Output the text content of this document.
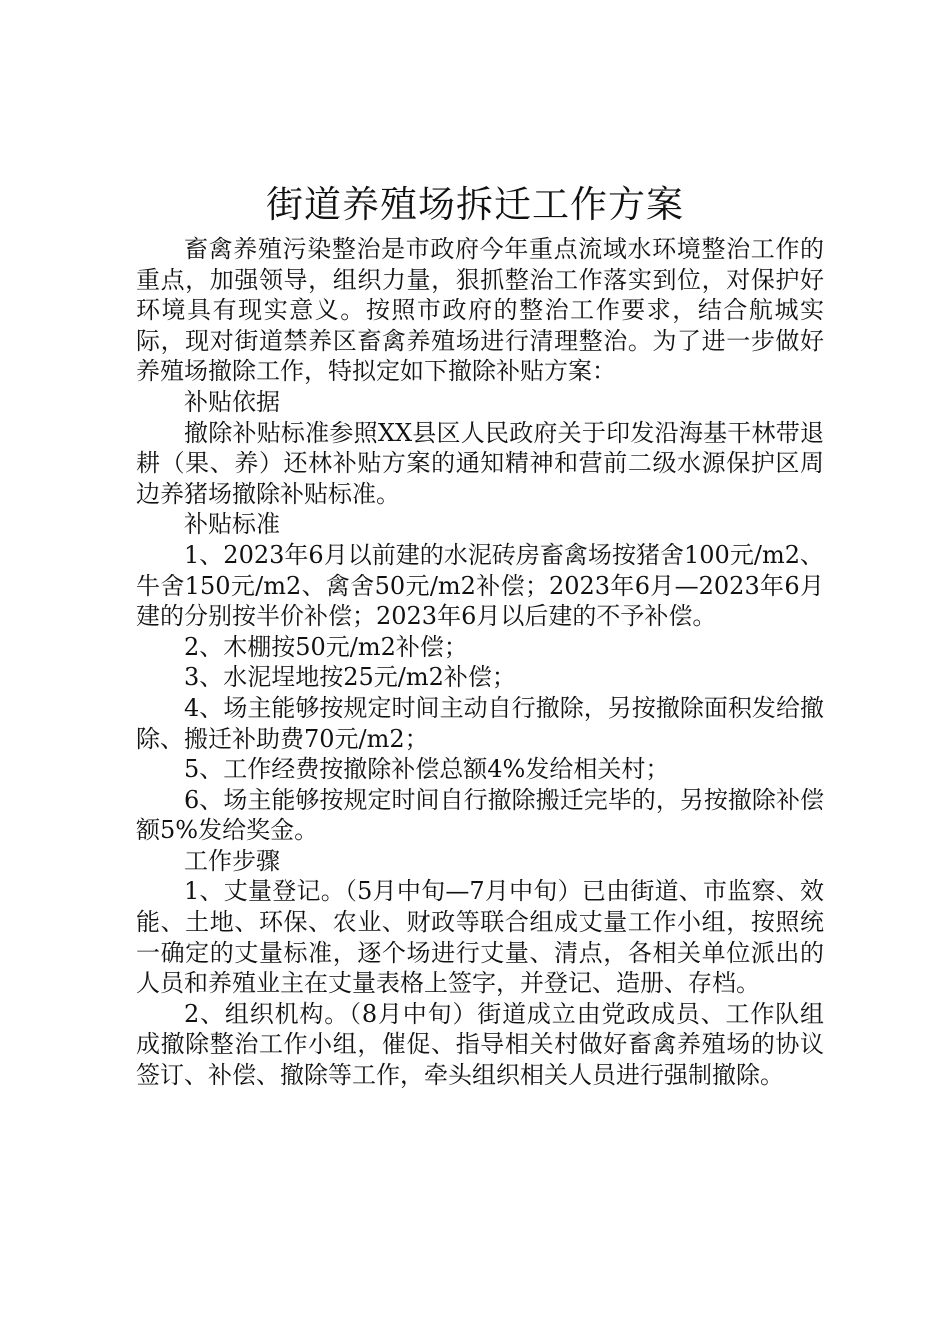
街道养殖场拆迁工作方案

畜禽养殖污染整治是市政府今年重点流域水环境整治工作的重点，加强领导，组织力量，狠抓整治工作落实到位，对保护好环境具有现实意义。按照市政府的整治工作要求，结合航城实际，现对街道禁养区畜禽养殖场进行清理整治。为了进一步做好养殖场撤除工作，特拟定如下撤除补贴方案：

补贴依据

撤除补贴标准参照XX县区人民政府关于印发沿海基干林带退耕（果、养）还林补贴方案的通知精神和营前二级水源保护区周边养猪场撤除补贴标准。

补贴标准

1、2023年6月以前建的水泥砖房畜禽场按猪舍100元/m2、牛舍150元/m2、禽舍50元/m2补偿；2023年6月—2023年6月建的分别按半价补偿；2023年6月以后建的不予补偿。

2、木棚按50元/m2补偿；

3、水泥埕地按25元/m2补偿；

4、场主能够按规定时间主动自行撤除，另按撤除面积发给撤除、搬迁补助费70元/m2；

5、工作经费按撤除补偿总额4%发给相关村；

6、场主能够按规定时间自行撤除搬迁完毕的，另按撤除补偿额5%发给奖金。

工作步骤

1、丈量登记。（5月中旬—7月中旬）已由街道、市监察、效能、土地、环保、农业、财政等联合组成丈量工作小组，按照统一确定的丈量标准，逐个场进行丈量、清点，各相关单位派出的人员和养殖业主在丈量表格上签字，并登记、造册、存档。

2、组织机构。（8月中旬）街道成立由党政成员、工作队组成撤除整治工作小组，催促、指导相关村做好畜禽养殖场的协议签订、补偿、撤除等工作，牵头组织相关人员进行强制撤除。
